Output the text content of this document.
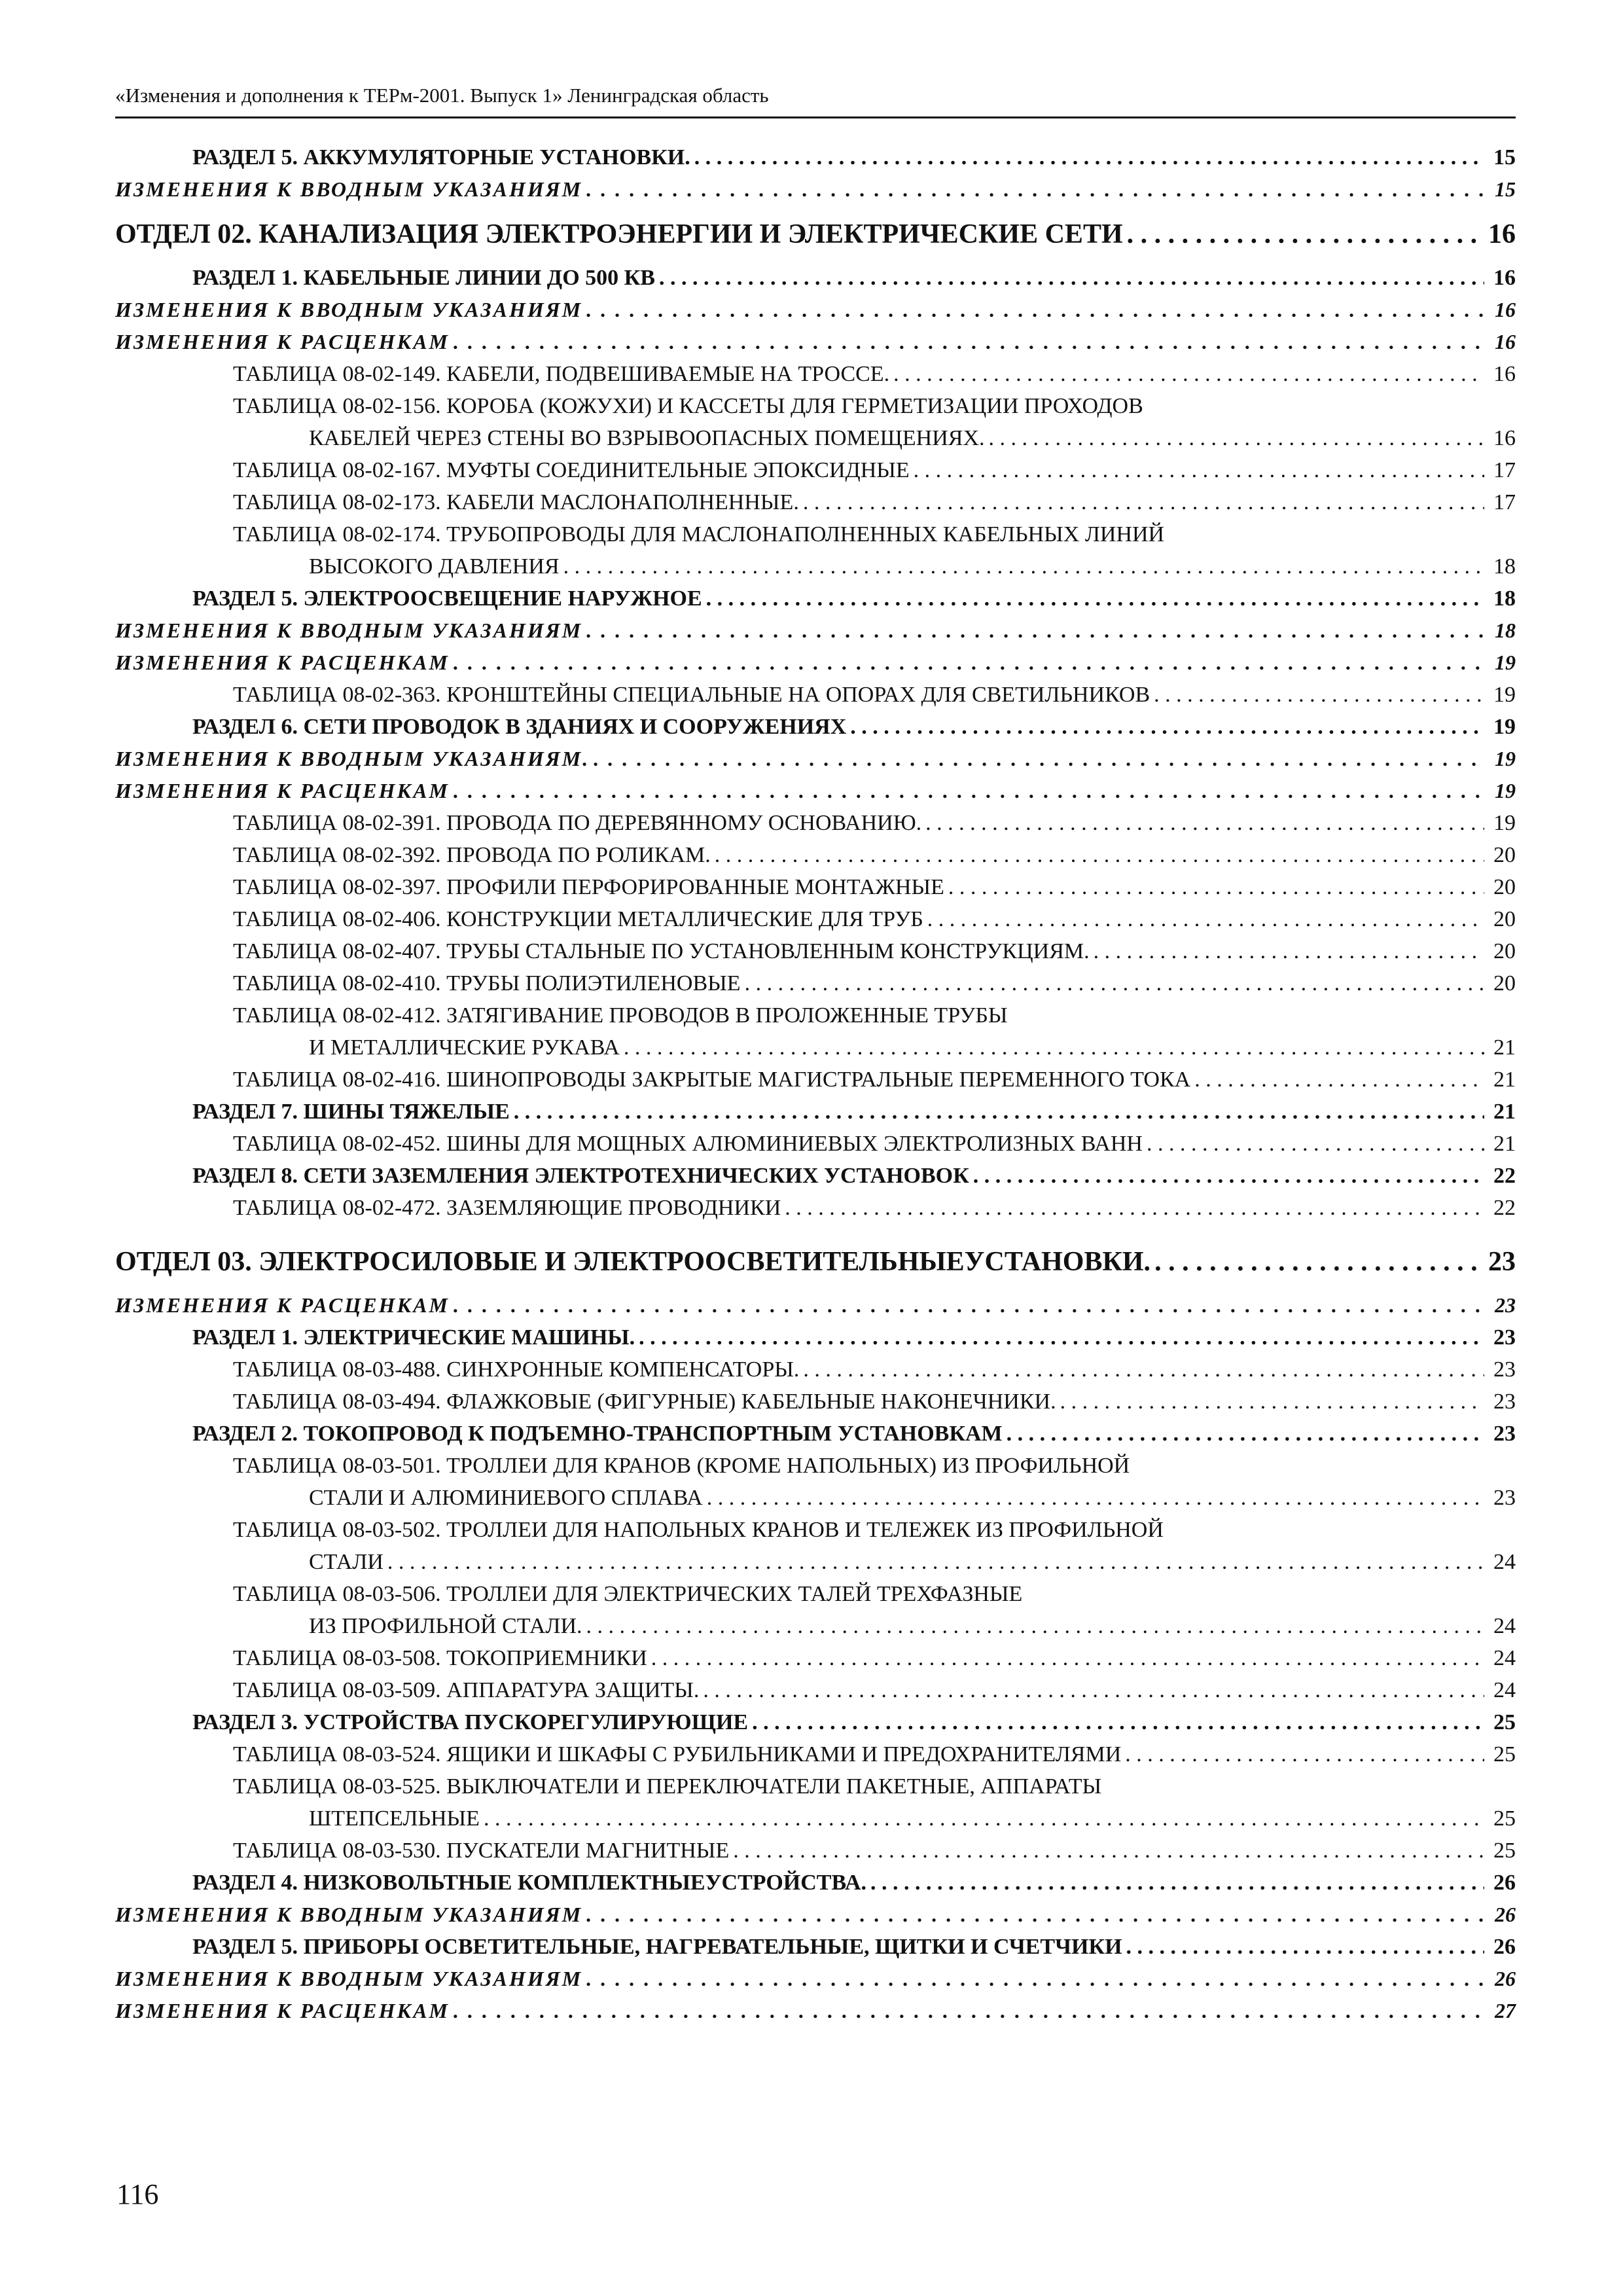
«Изменения и дополнения к ТЕРм-2001. Выпуск 1» Ленинградская область
РАЗДЕЛ 5. АККУМУЛЯТОРНЫЕ УСТАНОВКИ. . . .	15
ИЗМЕНЕНИЯ К ВВОДНЫМ УКАЗАНИЯМ . . .	15
ОТДЕЛ 02. КАНАЛИЗАЦИЯ ЭЛЕКТРОЭНЕРГИИ И ЭЛЕКТРИЧЕСКИЕ СЕТИ . . .	16
РАЗДЕЛ 1. КАБЕЛЬНЫЕ ЛИНИИ ДО 500 КВ . . .	16
ИЗМЕНЕНИЯ К ВВОДНЫМ УКАЗАНИЯМ . . .	16
ИЗМЕНЕНИЯ К РАСЦЕНКАМ . . .	16
ТАБЛИЦА 08-02-149. КАБЕЛИ, ПОДВЕШИВАЕМЫЕ НА ТРОССЕ. . . .	16
ТАБЛИЦА 08-02-156. КОРОБА (КОЖУХИ) И КАССЕТЫ ДЛЯ ГЕРМЕТИЗАЦИИ ПРОХОДОВ
КАБЕЛЕЙ ЧЕРЕЗ СТЕНЫ ВО ВЗРЫВООПАСНЫХ ПОМЕЩЕНИЯХ. . . .	16
ТАБЛИЦА 08-02-167. МУФТЫ СОЕДИНИТЕЛЬНЫЕ ЭПОКСИДНЫЕ . . .	17
ТАБЛИЦА 08-02-173. КАБЕЛИ МАСЛОНАПОЛНЕННЫЕ. . . .	17
ТАБЛИЦА 08-02-174. ТРУБОПРОВОДЫ ДЛЯ МАСЛОНАПОЛНЕННЫХ КАБЕЛЬНЫХ ЛИНИЙ
ВЫСОКОГО ДАВЛЕНИЯ . . .	18
РАЗДЕЛ 5. ЭЛЕКТРООСВЕЩЕНИЕ НАРУЖНОЕ . . .	18
ИЗМЕНЕНИЯ К ВВОДНЫМ УКАЗАНИЯМ . . .	18
ИЗМЕНЕНИЯ К РАСЦЕНКАМ . . .	19
ТАБЛИЦА 08-02-363. КРОНШТЕЙНЫ СПЕЦИАЛЬНЫЕ НА ОПОРАХ ДЛЯ СВЕТИЛЬНИКОВ . . .	19
РАЗДЕЛ 6. СЕТИ ПРОВОДОК В ЗДАНИЯХ И СООРУЖЕНИЯХ . . .	19
ИЗМЕНЕНИЯ К ВВОДНЫМ УКАЗАНИЯМ. . . .	19
ИЗМЕНЕНИЯ К РАСЦЕНКАМ . . .	19
ТАБЛИЦА 08-02-391. ПРОВОДА ПО ДЕРЕВЯННОМУ ОСНОВАНИЮ. . . .	19
ТАБЛИЦА 08-02-392. ПРОВОДА ПО РОЛИКАМ. . . .	20
ТАБЛИЦА 08-02-397. ПРОФИЛИ ПЕРФОРИРОВАННЫЕ МОНТАЖНЫЕ . . .	20
ТАБЛИЦА 08-02-406. КОНСТРУКЦИИ МЕТАЛЛИЧЕСКИЕ ДЛЯ ТРУБ . . .	20
ТАБЛИЦА 08-02-407. ТРУБЫ СТАЛЬНЫЕ ПО УСТАНОВЛЕННЫМ КОНСТРУКЦИЯМ. . . .	20
ТАБЛИЦА 08-02-410. ТРУБЫ ПОЛИЭТИЛЕНОВЫЕ . . .	20
ТАБЛИЦА 08-02-412. ЗАТЯГИВАНИЕ ПРОВОДОВ В ПРОЛОЖЕННЫЕ ТРУБЫ
И МЕТАЛЛИЧЕСКИЕ РУКАВА . . .	21
ТАБЛИЦА 08-02-416. ШИНОПРОВОДЫ ЗАКРЫТЫЕ МАГИСТРАЛЬНЫЕ ПЕРЕМЕННОГО ТОКА . . .	21
РАЗДЕЛ 7. ШИНЫ ТЯЖЕЛЫЕ . . .	21
ТАБЛИЦА 08-02-452. ШИНЫ ДЛЯ МОЩНЫХ АЛЮМИНИЕВЫХ ЭЛЕКТРОЛИЗНЫХ ВАНН . . .	21
РАЗДЕЛ 8. СЕТИ ЗАЗЕМЛЕНИЯ ЭЛЕКТРОТЕХНИЧЕСКИХ УСТАНОВОК . . .	22
ТАБЛИЦА 08-02-472. ЗАЗЕМЛЯЮЩИЕ ПРОВОДНИКИ . . .	22
ОТДЕЛ 03. ЭЛЕКТРОСИЛОВЫЕ И ЭЛЕКТРООСВЕТИТЕЛЬНЫЕУСТАНОВКИ. . . .	23
ИЗМЕНЕНИЯ К РАСЦЕНКАМ . . .	23
РАЗДЕЛ 1. ЭЛЕКТРИЧЕСКИЕ МАШИНЫ. . . .	23
ТАБЛИЦА 08-03-488. СИНХРОННЫЕ КОМПЕНСАТОРЫ. . . .	23
ТАБЛИЦА 08-03-494. ФЛАЖКОВЫЕ (ФИГУРНЫЕ) КАБЕЛЬНЫЕ НАКОНЕЧНИКИ. . . .	23
РАЗДЕЛ 2. ТОКОПРОВОД К ПОДЪЕМНО-ТРАНСПОРТНЫМ УСТАНОВКАМ . . .	23
ТАБЛИЦА 08-03-501. ТРОЛЛЕИ ДЛЯ КРАНОВ (КРОМЕ НАПОЛЬНЫХ) ИЗ ПРОФИЛЬНОЙ
СТАЛИ И АЛЮМИНИЕВОГО СПЛАВА . . .	23
ТАБЛИЦА 08-03-502. ТРОЛЛЕИ ДЛЯ НАПОЛЬНЫХ КРАНОВ И ТЕЛЕЖЕК ИЗ ПРОФИЛЬНОЙ
СТАЛИ . . .	24
ТАБЛИЦА 08-03-506. ТРОЛЛЕИ ДЛЯ ЭЛЕКТРИЧЕСКИХ ТАЛЕЙ ТРЕХФАЗНЫЕ
ИЗ ПРОФИЛЬНОЙ СТАЛИ. . . .	24
ТАБЛИЦА 08-03-508. ТОКОПРИЕМНИКИ . . .	24
ТАБЛИЦА 08-03-509. АППАРАТУРА ЗАЩИТЫ. . . .	24
РАЗДЕЛ 3. УСТРОЙСТВА ПУСКОРЕГУЛИРУЮЩИЕ . . .	25
ТАБЛИЦА 08-03-524. ЯЩИКИ И ШКАФЫ С РУБИЛЬНИКАМИ И ПРЕДОХРАНИТЕЛЯМИ . . .	25
ТАБЛИЦА 08-03-525. ВЫКЛЮЧАТЕЛИ И ПЕРЕКЛЮЧАТЕЛИ ПАКЕТНЫЕ, АППАРАТЫ
ШТЕПСЕЛЬНЫЕ . . .	25
ТАБЛИЦА 08-03-530. ПУСКАТЕЛИ МАГНИТНЫЕ . . .	25
РАЗДЕЛ 4. НИЗКОВОЛЬТНЫЕ КОМПЛЕКТНЫЕУСТРОЙСТВА. . . .	26
ИЗМЕНЕНИЯ К ВВОДНЫМ УКАЗАНИЯМ . . .	26
РАЗДЕЛ 5. ПРИБОРЫ ОСВЕТИТЕЛЬНЫЕ, НАГРЕВАТЕЛЬНЫЕ, ЩИТКИ И СЧЕТЧИКИ . . .	26
ИЗМЕНЕНИЯ К ВВОДНЫМ УКАЗАНИЯМ . . .	26
ИЗМЕНЕНИЯ К РАСЦЕНКАМ . . .	27
116
